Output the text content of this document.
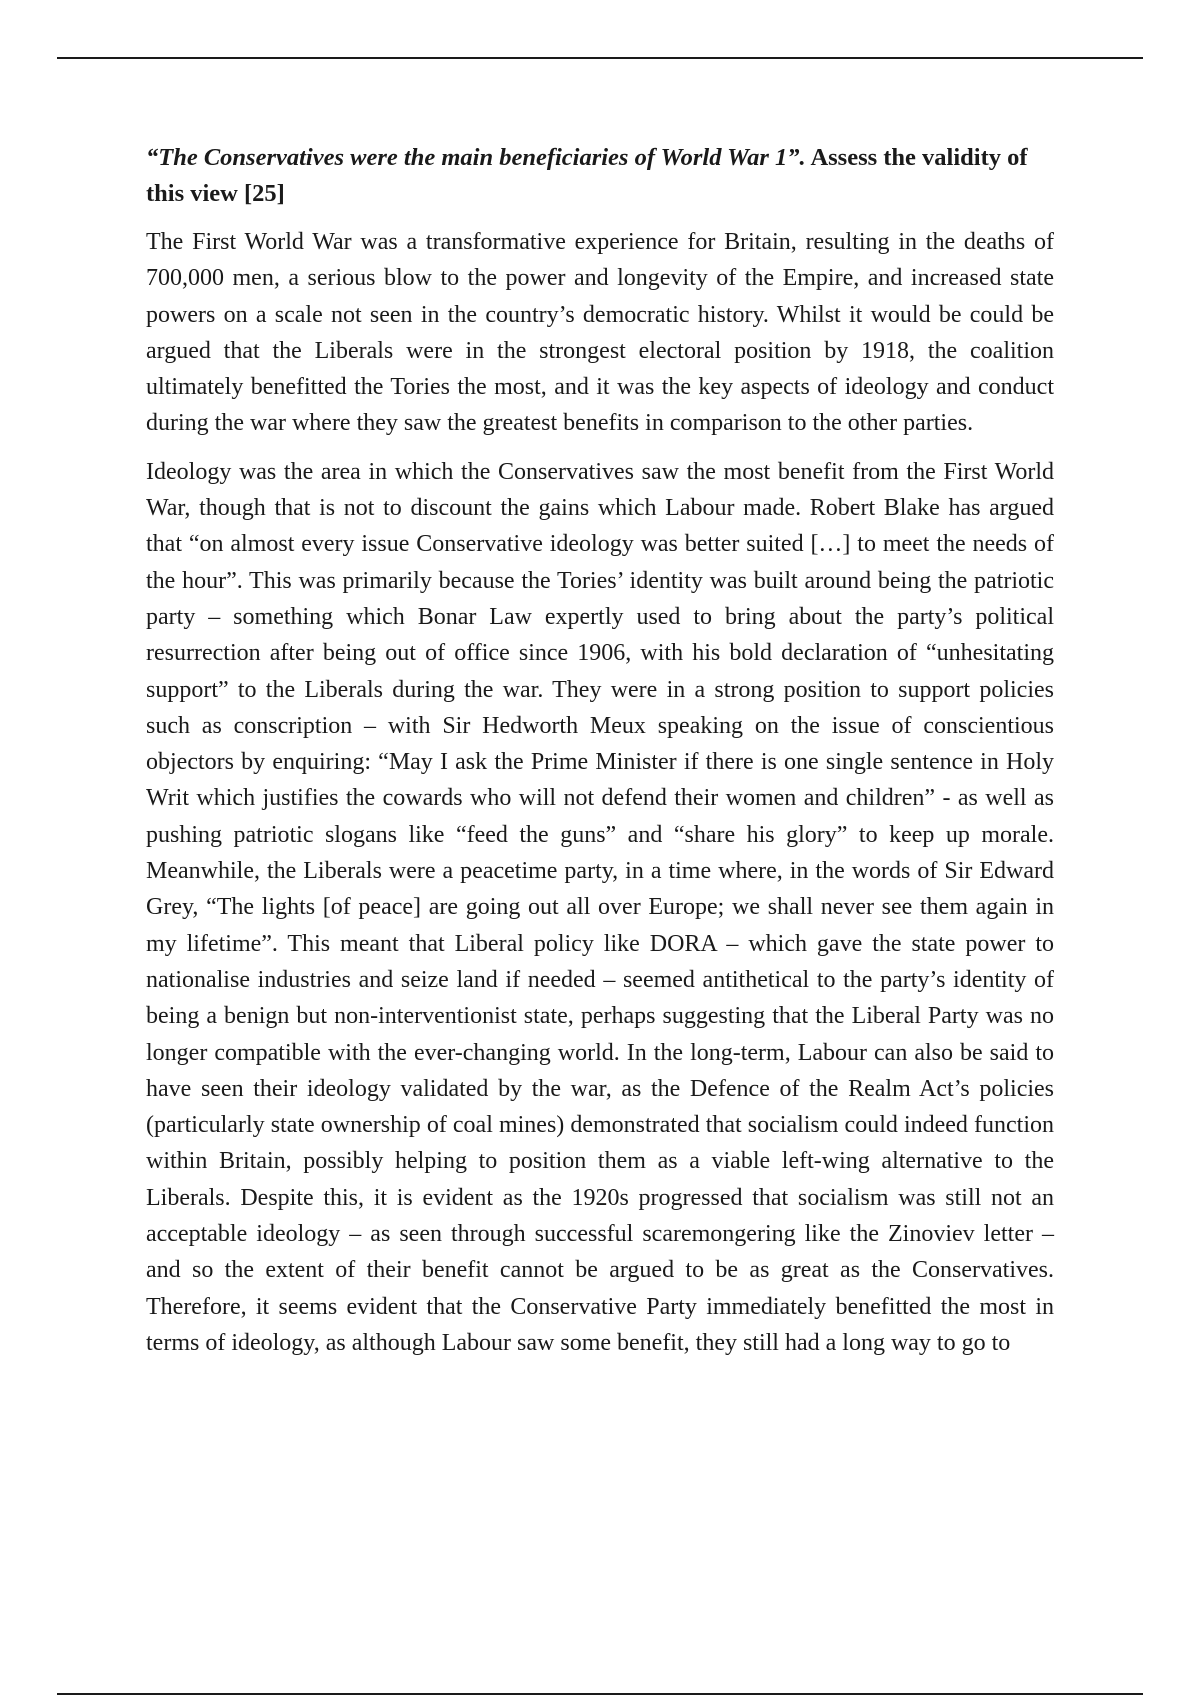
“The Conservatives were the main beneficiaries of World War 1”. Assess the validity of this view [25]

The First World War was a transformative experience for Britain, resulting in the deaths of 700,000 men, a serious blow to the power and longevity of the Empire, and increased state powers on a scale not seen in the country’s democratic history. Whilst it would be could be argued that the Liberals were in the strongest electoral position by 1918, the coalition ultimately benefitted the Tories the most, and it was the key aspects of ideology and conduct during the war where they saw the greatest benefits in comparison to the other parties.

Ideology was the area in which the Conservatives saw the most benefit from the First World War, though that is not to discount the gains which Labour made. Robert Blake has argued that “on almost every issue Conservative ideology was better suited […] to meet the needs of the hour”. This was primarily because the Tories’ identity was built around being the patriotic party – something which Bonar Law expertly used to bring about the party’s political resurrection after being out of office since 1906, with his bold declaration of “unhesitating support” to the Liberals during the war. They were in a strong position to support policies such as conscription – with Sir Hedworth Meux speaking on the issue of conscientious objectors by enquiring: “May I ask the Prime Minister if there is one single sentence in Holy Writ which justifies the cowards who will not defend their women and children” - as well as pushing patriotic slogans like “feed the guns” and “share his glory” to keep up morale. Meanwhile, the Liberals were a peacetime party, in a time where, in the words of Sir Edward Grey, “The lights [of peace] are going out all over Europe; we shall never see them again in my lifetime”. This meant that Liberal policy like DORA – which gave the state power to nationalise industries and seize land if needed – seemed antithetical to the party’s identity of being a benign but non-interventionist state, perhaps suggesting that the Liberal Party was no longer compatible with the ever-changing world. In the long-term, Labour can also be said to have seen their ideology validated by the war, as the Defence of the Realm Act’s policies (particularly state ownership of coal mines) demonstrated that socialism could indeed function within Britain, possibly helping to position them as a viable left-wing alternative to the Liberals. Despite this, it is evident as the 1920s progressed that socialism was still not an acceptable ideology – as seen through successful scaremongering like the Zinoviev letter – and so the extent of their benefit cannot be argued to be as great as the Conservatives. Therefore, it seems evident that the Conservative Party immediately benefitted the most in terms of ideology, as although Labour saw some benefit, they still had a long way to go to
